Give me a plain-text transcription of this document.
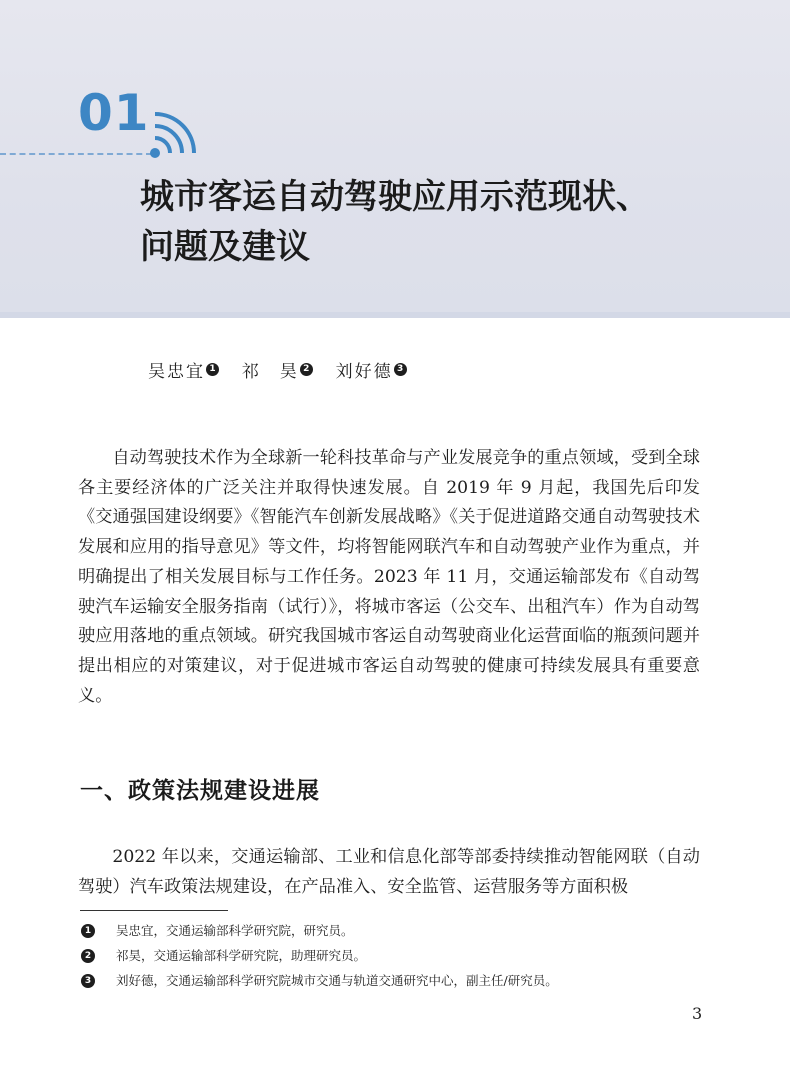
01
城市客运自动驾驶应用示范现状、
问题及建议
吴忠宜 1 祁　昊 2 刘好德 3

自动驾驶技术作为全球新一轮科技革命与产业发展竞争的重点领域，受到全球各主要经济体的广泛关注并取得快速发展。自 2019 年 9 月起，我国先后印发《交通强国建设纲要》《智能汽车创新发展战略》《关于促进道路交通自动驾驶技术发展和应用的指导意见》等文件，均将智能网联汽车和自动驾驶产业作为重点，并明确提出了相关发展目标与工作任务。2023 年 11 月，交通运输部发布《自动驾驶汽车运输安全服务指南（试行）》，将城市客运（公交车、出租汽车）作为自动驾驶应用落地的重点领域。研究我国城市客运自动驾驶商业化运营面临的瓶颈问题并提出相应的对策建议，对于促进城市客运自动驾驶的健康可持续发展具有重要意义。

一、政策法规建设进展

2022 年以来，交通运输部、工业和信息化部等部委持续推动智能网联（自动驾驶）汽车政策法规建设，在产品准入、安全监管、运营服务等方面积极

1	吴忠宜，交通运输部科学研究院，研究员。
2	祁昊，交通运输部科学研究院，助理研究员。
3	刘好德，交通运输部科学研究院城市交通与轨道交通研究中心，副主任/研究员。
3
